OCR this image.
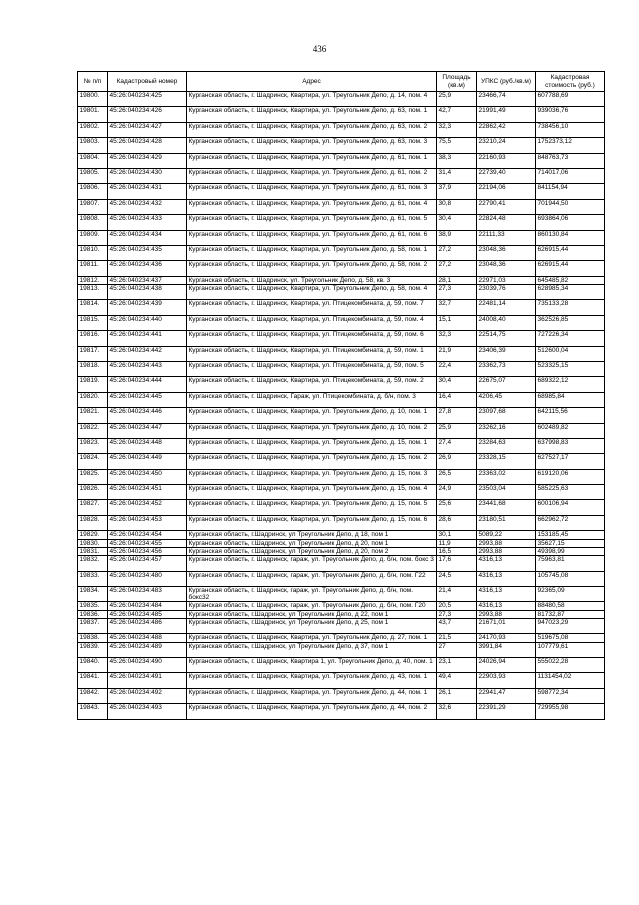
436
№ п/п	Кадастровый номер	Адрес	Площадь (кв.м)	УПКС (руб./кв.м)	Кадастровая стоимость (руб.)
19800.	45:26:040234:425	Курганская область, г. Шадринск, Квартира, ул. Треугольник Депо, д. 14, пом. 4	25,9	23466,74	607788,69
19801.	45:26:040234:426	Курганская область, г. Шадринск, Квартира, ул. Треугольник Депо, д. 63, пом. 1	42,7	21991,49	939036,76
19802.	45:26:040234:427	Курганская область, г. Шадринск, Квартира, ул. Треугольник Депо, д. 63, пом. 2	32,3	22862,42	738456,10
19803.	45:26:040234:428	Курганская область, г. Шадринск, Квартира, ул. Треугольник Депо, д. 63, пом. 3	75,5	23210,24	1752373,12
19804.	45:26:040234:429	Курганская область, г. Шадринск, Квартира, ул. Треугольник Депо, д. 61, пом. 1	38,3	22160,93	848763,73
19805.	45:26:040234:430	Курганская область, г. Шадринск, Квартира, ул. Треугольник Депо, д. 61, пом. 2	31,4	22739,40	714017,06
19806.	45:26:040234:431	Курганская область, г. Шадринск, Квартира, ул. Треугольник Депо, д. 61, пом. 3	37,9	22194,06	841154,94
19807.	45:26:040234:432	Курганская область, г. Шадринск, Квартира, ул. Треугольник Депо, д. 61, пом. 4	30,8	22790,41	701944,50
19808.	45:26:040234:433	Курганская область, г. Шадринск, Квартира, ул. Треугольник Депо, д. 61, пом. 5	30,4	22824,48	693864,06
19809.	45:26:040234:434	Курганская область, г. Шадринск, Квартира, ул. Треугольник Депо, д. 61, пом. 6	38,9	22111,33	860130,84
19810.	45:26:040234:435	Курганская область, г. Шадринск, Квартира, ул. Треугольник Депо, д. 58, пом. 1	27,2	23048,36	626915,44
19811.	45:26:040234:436	Курганская область, г. Шадринск, Квартира, ул. Треугольник Депо, д. 58, пом. 2	27,2	23048,36	626915,44
19812.	45:26:040234:437	Курганская область, г. Шадринск, ул. Треугольник Депо, д. 58, кв. 3	28,1	22971,03	645485,82
19813.	45:26:040234:438	Курганская область, г. Шадринск, Квартира, ул. Треугольник Депо, д. 58, пом. 4	27,3	23039,76	628985,34
19814.	45:26:040234:439	Курганская область, г. Шадринск, Квартира, ул. Птицекомбината, д. 59, пом. 7	32,7	22481,14	735133,28
19815.	45:26:040234:440	Курганская область, г. Шадринск, Квартира, ул. Птицекомбината, д. 59, пом. 4	15,1	24008,40	362526,85
19816.	45:26:040234:441	Курганская область, г. Шадринск, Квартира, ул. Птицекомбината, д. 59, пом. 6	32,3	22514,75	727226,34
19817.	45:26:040234:442	Курганская область, г. Шадринск, Квартира, ул. Птицекомбината, д. 59, пом. 1	21,9	23406,39	512600,04
19818.	45:26:040234:443	Курганская область, г. Шадринск, Квартира, ул. Птицекомбината, д. 59, пом. 5	22,4	23362,73	523325,15
19819.	45:26:040234:444	Курганская область, г. Шадринск, Квартира, ул. Птицекомбината, д. 59, пом. 2	30,4	22675,07	689322,12
19820.	45:26:040234:445	Курганская область, г. Шадринск, Гараж, ул. Птицекомбината, д. б/н, пом. 3	16,4	4206,45	68985,84
19821.	45:26:040234:446	Курганская область, г. Шадринск, Квартира, ул. Треугольник Депо, д. 10, пом. 1	27,8	23097,68	642115,56
19822.	45:26:040234:447	Курганская область, г. Шадринск, Квартира, ул. Треугольник Депо, д. 10, пом. 2	25,9	23262,16	602489,82
19823.	45:26:040234:448	Курганская область, г. Шадринск, Квартира, ул. Треугольник Депо, д. 15, пом. 1	27,4	23284,63	637998,83
19824.	45:26:040234:449	Курганская область, г. Шадринск, Квартира, ул. Треугольник Депо, д. 15, пом. 2	26,9	23328,15	627527,17
19825.	45:26:040234:450	Курганская область, г. Шадринск, Квартира, ул. Треугольник Депо, д. 15, пом. 3	26,5	23363,02	619120,06
19826.	45:26:040234:451	Курганская область, г. Шадринск, Квартира, ул. Треугольник Депо, д. 15, пом. 4	24,9	23503,04	585225,63
19827.	45:26:040234:452	Курганская область, г. Шадринск, Квартира, ул. Треугольник Депо, д. 15, пом. 5	25,6	23441,68	600106,94
19828.	45:26:040234:453	Курганская область, г. Шадринск, Квартира, ул. Треугольник Депо, д. 15, пом. 6	28,6	23180,51	662962,72
19829.	45:26:040234:454	Курганская область, г.Шадринск, ул Треугольник Депо, д 18, пом 1	30,1	5089,22	153185,45
19830.	45:26:040234:455	Курганская область, г.Шадринск, ул Треугольник Депо, д 20, пом 1	11,9	2993,88	35627,15
19831.	45:26:040234:456	Курганская область, г.Шадринск, ул Треугольник Депо, д 20, пом 2	16,5	2993,88	49398,99
19832.	45:26:040234:457	Курганская область, г. Шадринск, гараж, ул. Треугольник Депо, д. б/н, пом. бокс 3	17,6	4316,13	75963,81
19833.	45:26:040234:480	Курганская область, г. Шадринск, гараж, ул. Треугольник Депо, д. б/н, пом. Г22	24,5	4316,13	105745,08
19834.	45:26:040234:483	Курганская область, г. Шадринск, гараж, ул. Треугольник Депо, д. б/н, пом. бокс32	21,4	4316,13	92365,09
19835.	45:26:040234:484	Курганская область, г. Шадринск, гараж, ул. Треугольник Депо, д. б/н, пом. Г20	20,5	4316,13	88480,58
19836.	45:26:040234:485	Курганская область, г.Шадринск, ул Треугольник Депо, д 22, пом 1	27,3	2993,88	81732,87
19837.	45:26:040234:486	Курганская область, г.Шадринск, ул Треугольник Депо, д 25, пом 1	43,7	21671,01	947023,29
19838.	45:26:040234:488	Курганская область, г. Шадринск, Квартира, ул. Треугольник Депо, д. 27, пом. 1	21,5	24170,93	519675,08
19839.	45:26:040234:489	Курганская область, г.Шадринск, ул Треугольник Депо, д 37, пом 1	27	3991,84	107779,61
19840.	45:26:040234:490	Курганская область, г. Шадринск, Квартира 1, ул. Треугольник Депо, д. 40, пом. 1	23,1	24026,94	555022,28
19841.	45:26:040234:491	Курганская область, г. Шадринск, Квартира, ул. Треугольник Депо, д. 43, пом. 1	49,4	22903,93	1131454,02
19842.	45:26:040234:492	Курганская область, г. Шадринск, Квартира, ул. Треугольник Депо, д. 44, пом. 1	26,1	22941,47	598772,34
19843.	45:26:040234:493	Курганская область, г. Шадринск, Квартира, ул. Треугольник Депо, д. 44, пом. 2	32,6	22391,29	729955,98
